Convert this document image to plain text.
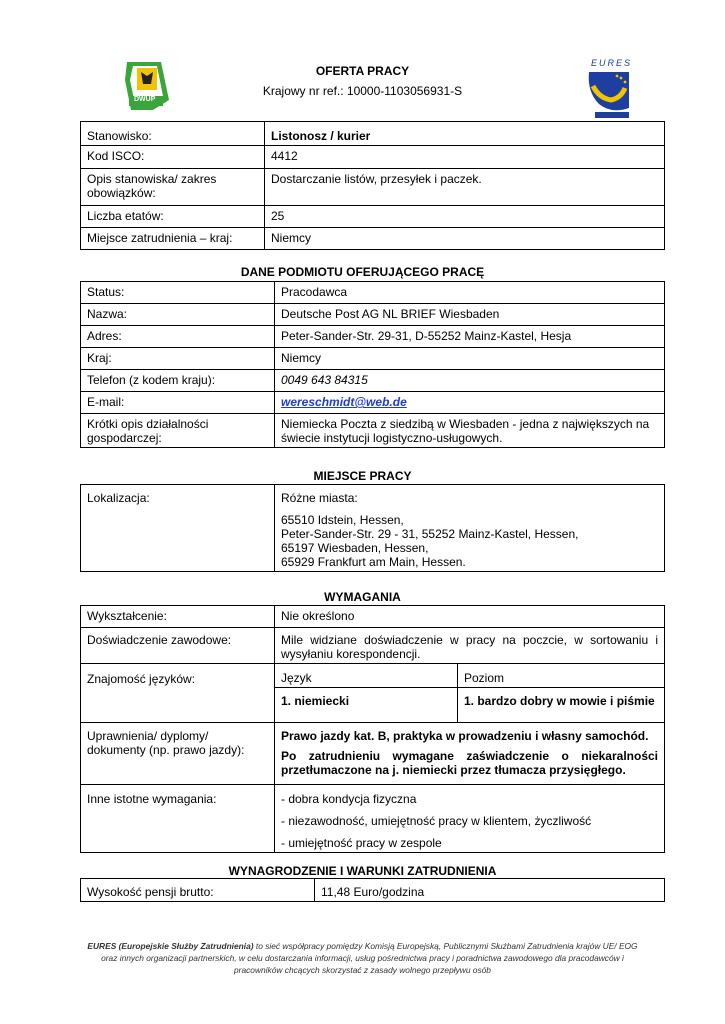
DWUP
OFERTA PRACY
Krajowy nr ref.: 10000-1103056931-S
EURES
Stanowisko:	Listonosz / kurier
Kod ISCO:	4412
Opis stanowiska/ zakres obowiązków:	Dostarczanie listów, przesyłek i paczek.
Liczba etatów:	25
Miejsce zatrudnienia – kraj:	Niemcy
DANE PODMIOTU OFERUJĄCEGO PRACĘ
Status:	Pracodawca
Nazwa:	Deutsche Post AG NL BRIEF Wiesbaden
Adres:	Peter-Sander-Str. 29-31, D-55252 Mainz-Kastel, Hesja
Kraj:	Niemcy
Telefon (z kodem kraju):	0049 643 84315
E-mail:	wereschmidt@web.de
Krótki opis działalności gospodarczej:	Niemiecka Poczta z siedzibą w Wiesbaden - jedna z największych na świecie instytucji logistyczno-usługowych.
MIEJSCE PRACY
Lokalizacja:	Różne miasta:

65510 Idstein, Hessen,

Peter-Sander-Str. 29 - 31, 55252 Mainz-Kastel, Hessen,

65197 Wiesbaden, Hessen,

65929 Frankfurt am Main, Hessen.

WYMAGANIA
Wykształcenie:	Nie określono	
Doświadczenie zawodowe:	Mile widziane doświadczenie w pracy na poczcie, w sortowaniu i wysyłaniu korespondencji.	
Znajomość języków:	Język	Poziom
	1. niemiecki	1. bardzo dobry w mowie i piśmie
Uprawnienia/ dyplomy/ dokumenty (np. prawo jazdy):	Prawo jazdy kat. B, praktyka w prowadzeniu i własny samochód.

Po zatrudnieniu wymagane zaświadczenie o niekaralności przetłumaczone na j. niemiecki przez tłumacza przysięgłego.	

Inne istotne wymagania:	- dobra kondycja fizyczna

- niezawodność, umiejętność pracy w klientem, życzliwość

- umiejętność pracy w zespole	

WYNAGRODZENIE I WARUNKI ZATRUDNIENIA
Wysokość pensji brutto:	11,48 Euro/godzina
EURES (Europejskie Służby Zatrudnienia) to sieć współpracy pomiędzy Komisją Europejską, Publicznymi Służbami Zatrudnienia krajów UE/ EOG
oraz innych organizacji partnerskich, w celu dostarczania informacji, usług pośrednictwa pracy i poradnictwa zawodowego dla pracodawców i
pracowników chcących skorzystać z zasady wolnego przepływu osób
